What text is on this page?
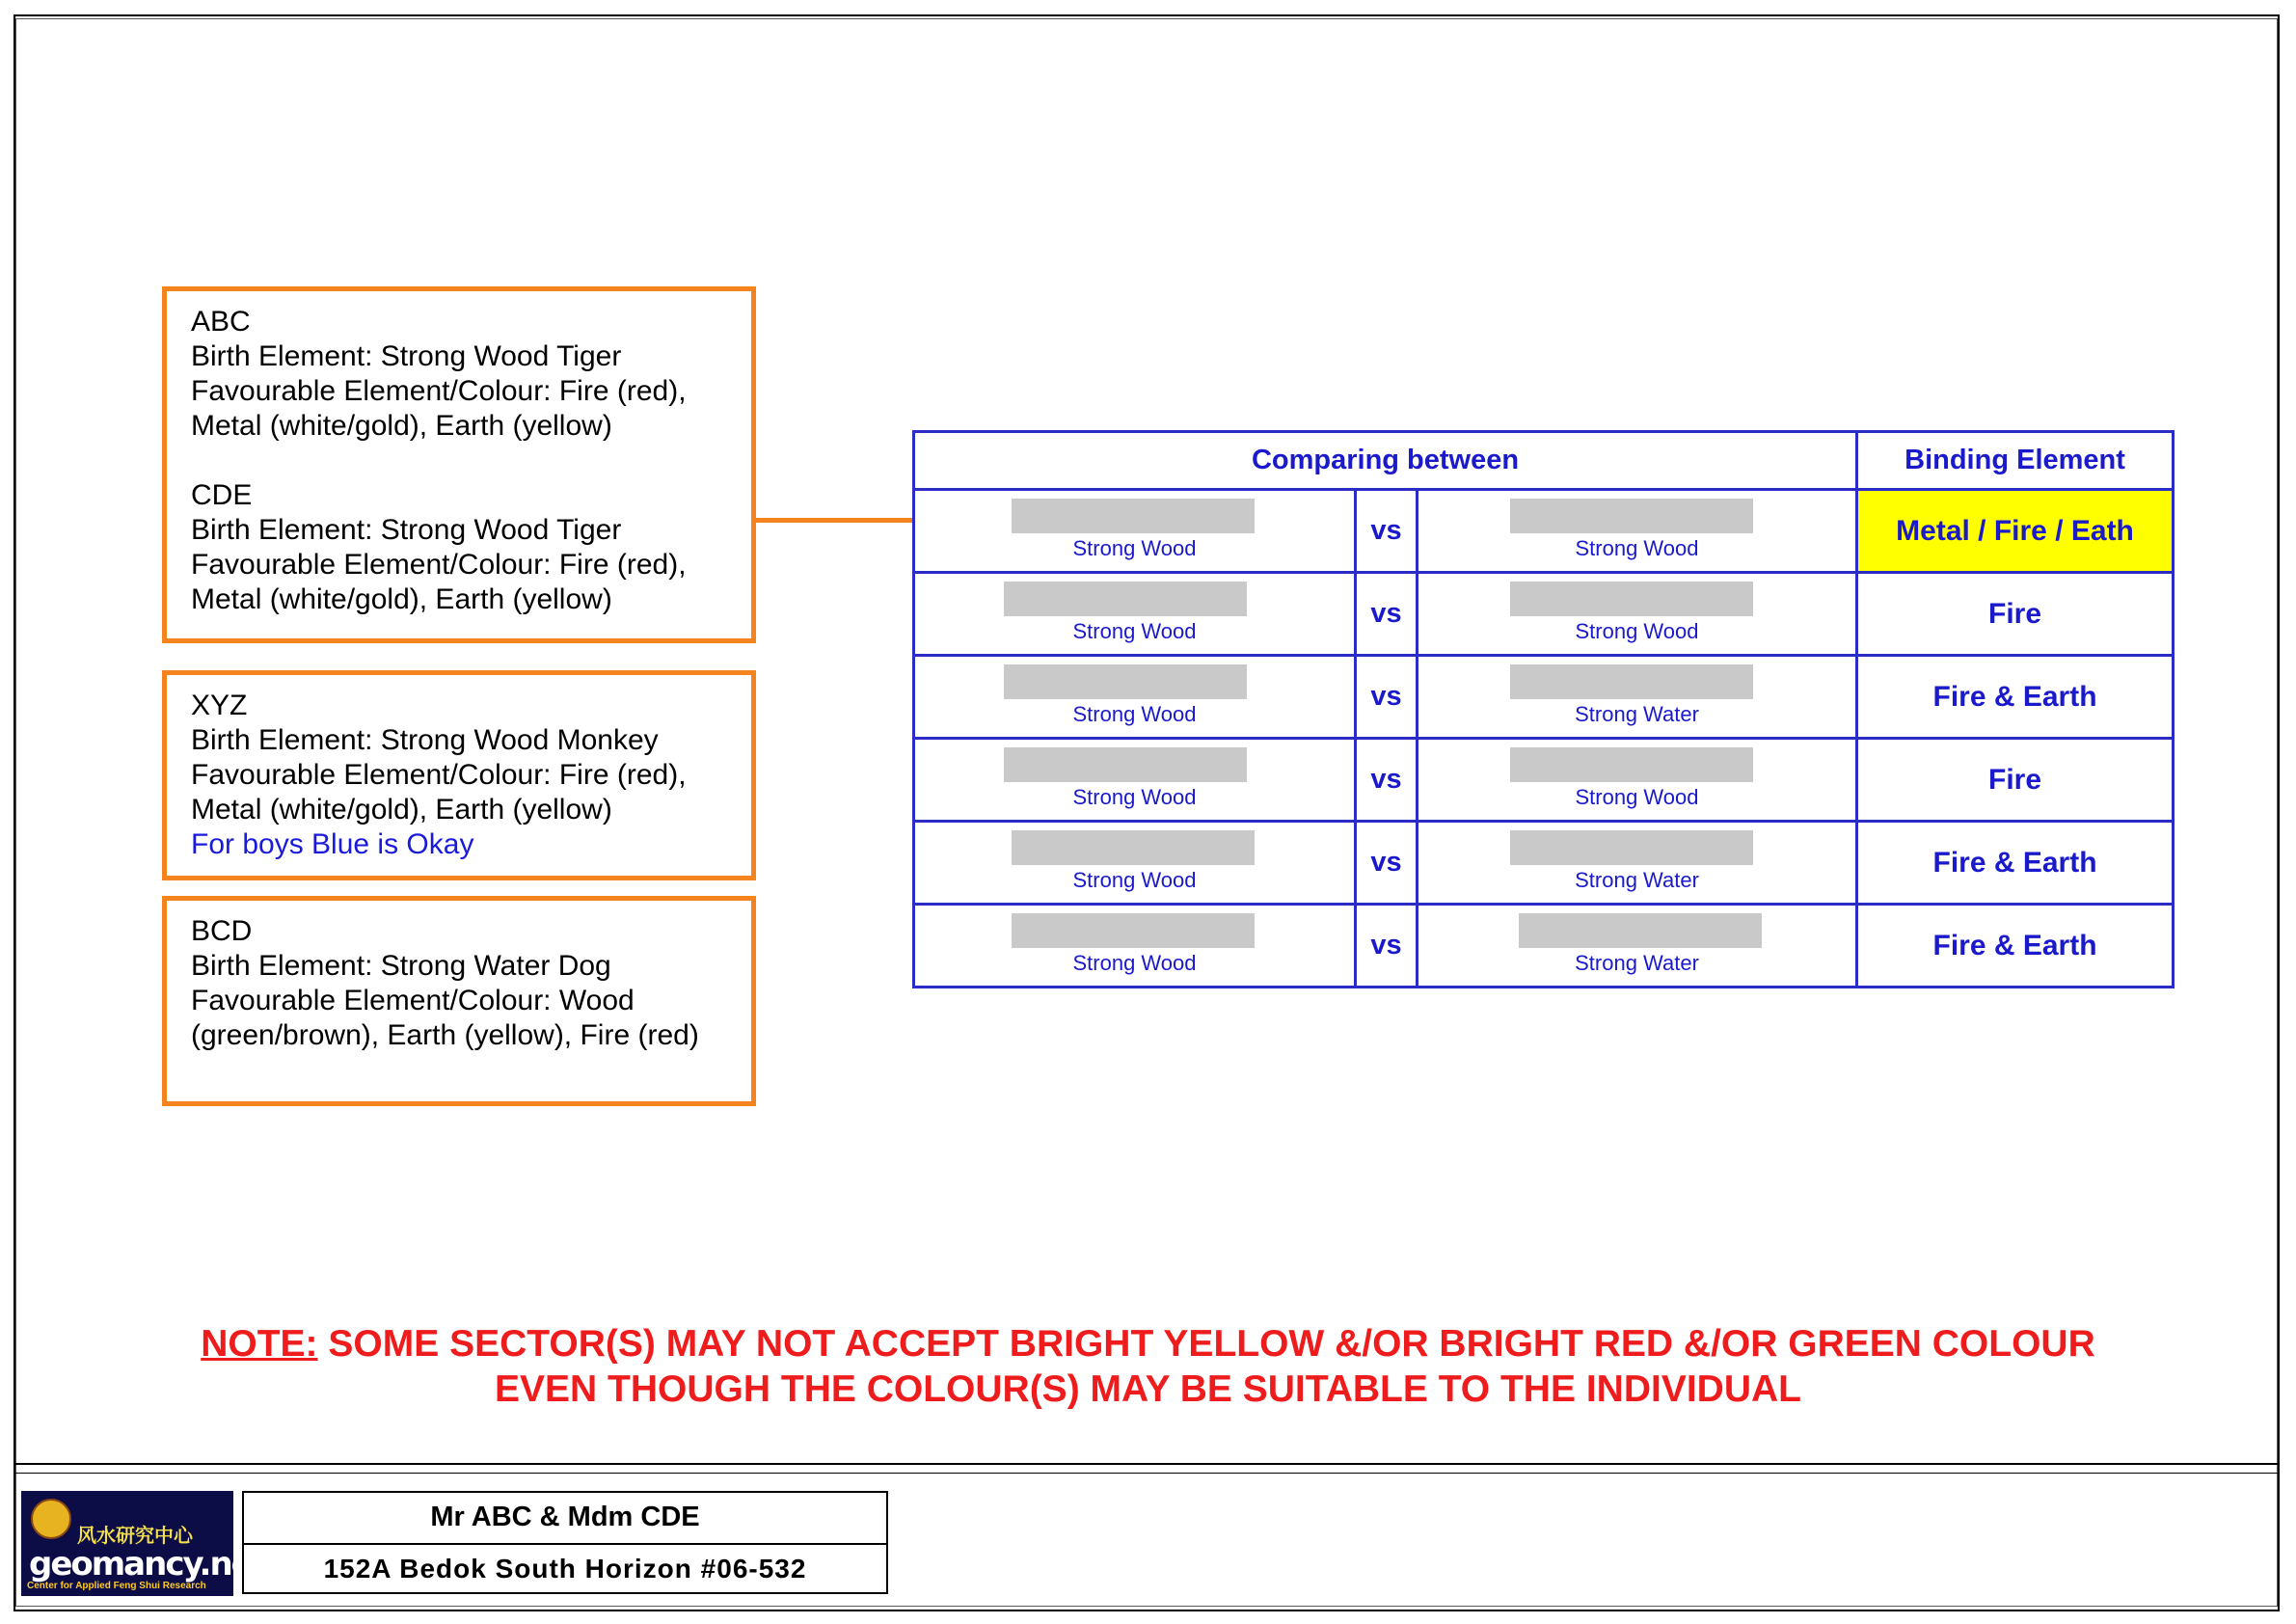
ABC
Birth Element: Strong Wood Tiger
Favourable Element/Colour: Fire (red),
Metal (white/gold), Earth (yellow)
CDE
Birth Element: Strong Wood Tiger
Favourable Element/Colour: Fire (red),
Metal (white/gold), Earth (yellow)
XYZ
Birth Element: Strong Wood Monkey
Favourable Element/Colour: Fire (red),
Metal (white/gold), Earth (yellow)
For boys Blue is Okay
BCD
Birth Element: Strong Water Dog
Favourable Element/Colour: Wood
(green/brown), Earth (yellow), Fire (red)
Comparing between			Binding Element

Strong Wood	vs	Strong Wood	Metal / Fire / Eath

Strong Wood	vs	Strong Wood	Fire

Strong Wood	vs	Strong Water	Fire & Earth

Strong Wood	vs	Strong Wood	Fire

Strong Wood	vs	Strong Water	Fire & Earth

Strong Wood	vs	Strong Water	Fire & Earth
NOTE: SOME SECTOR(S) MAY NOT ACCEPT BRIGHT YELLOW &/OR BRIGHT RED &/OR GREEN COLOUR
EVEN THOUGH THE COLOUR(S) MAY BE SUITABLE TO THE INDIVIDUAL
风水研究中心
geomancy.net
Center for Applied Feng Shui Research
Mr ABC & Mdm CDE
152A Bedok South Horizon #06-532
